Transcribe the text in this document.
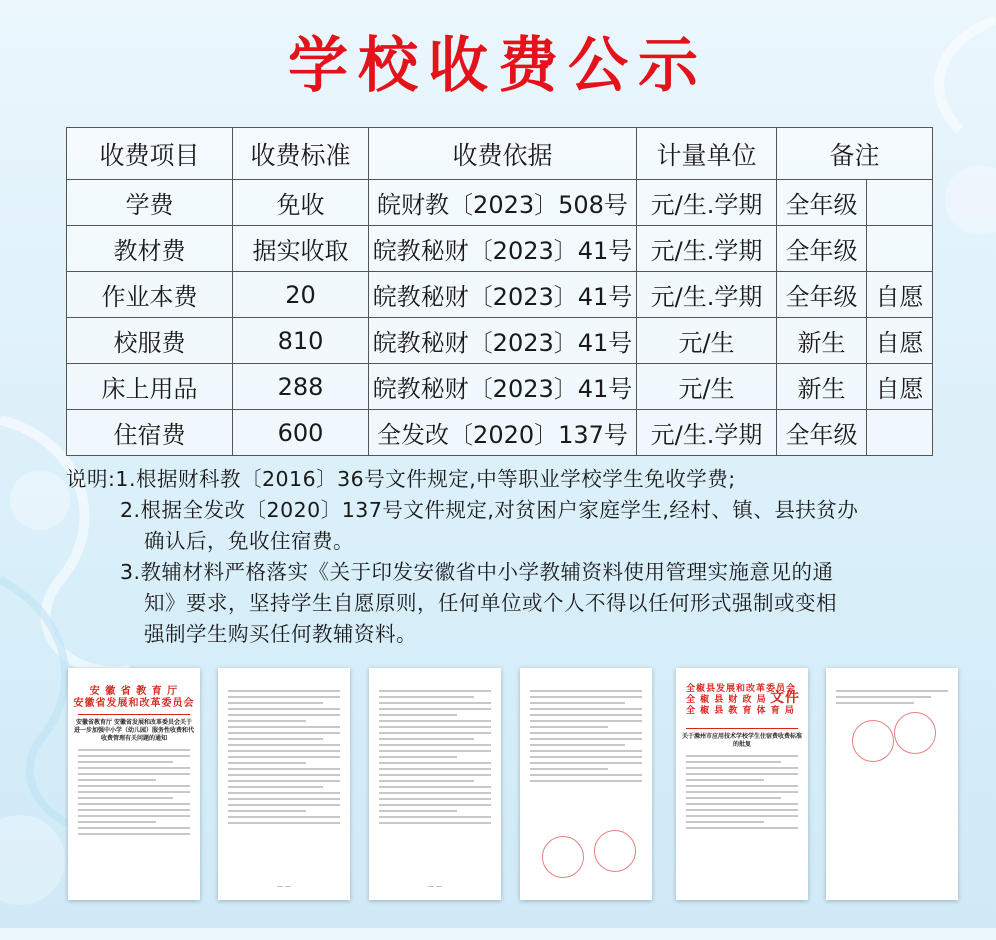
学校收费公示
收费项目	收费标准	收费依据	计量单位	备注	
学费	免收	皖财教〔2023〕508号	元/生.学期	全年级	
教材费	据实收取	皖教秘财〔2023〕41号	元/生.学期	全年级	
作业本费	20	皖教秘财〔2023〕41号	元/生.学期	全年级	自愿
校服费	810	皖教秘财〔2023〕41号	元/生	新生	自愿
床上用品	288	皖教秘财〔2023〕41号	元/生	新生	自愿
住宿费	600	全发改〔2020〕137号	元/生.学期	全年级	

说明:1.根据财科教〔2016〕36号文件规定,中等职业学校学生免收学费;

2.根据全发改〔2020〕137号文件规定,对贫困户家庭学生,经村、镇、县扶贫办

确认后，免收住宿费。

3.教辅材料严格落实《关于印发安徽省中小学教辅资料使用管理实施意见的通

知》要求，坚持学生自愿原则，任何单位或个人不得以任何形式强制或变相

强制学生购买任何教辅资料。

安 徽 省 教 育 厅
安徽省发展和改革委员会
安徽省教育厅 安徽省发展和改革委员会关于进一步加强中小学（幼儿园）服务性收费和代收费管理有关问题的通知
— —	— —
全椒县发展和改革委员会
全 椒 县 财 政 局
全 椒 县 教 育 体 育 局
文件
关于滁州市应用技术学校学生住宿费收费标准的批复
